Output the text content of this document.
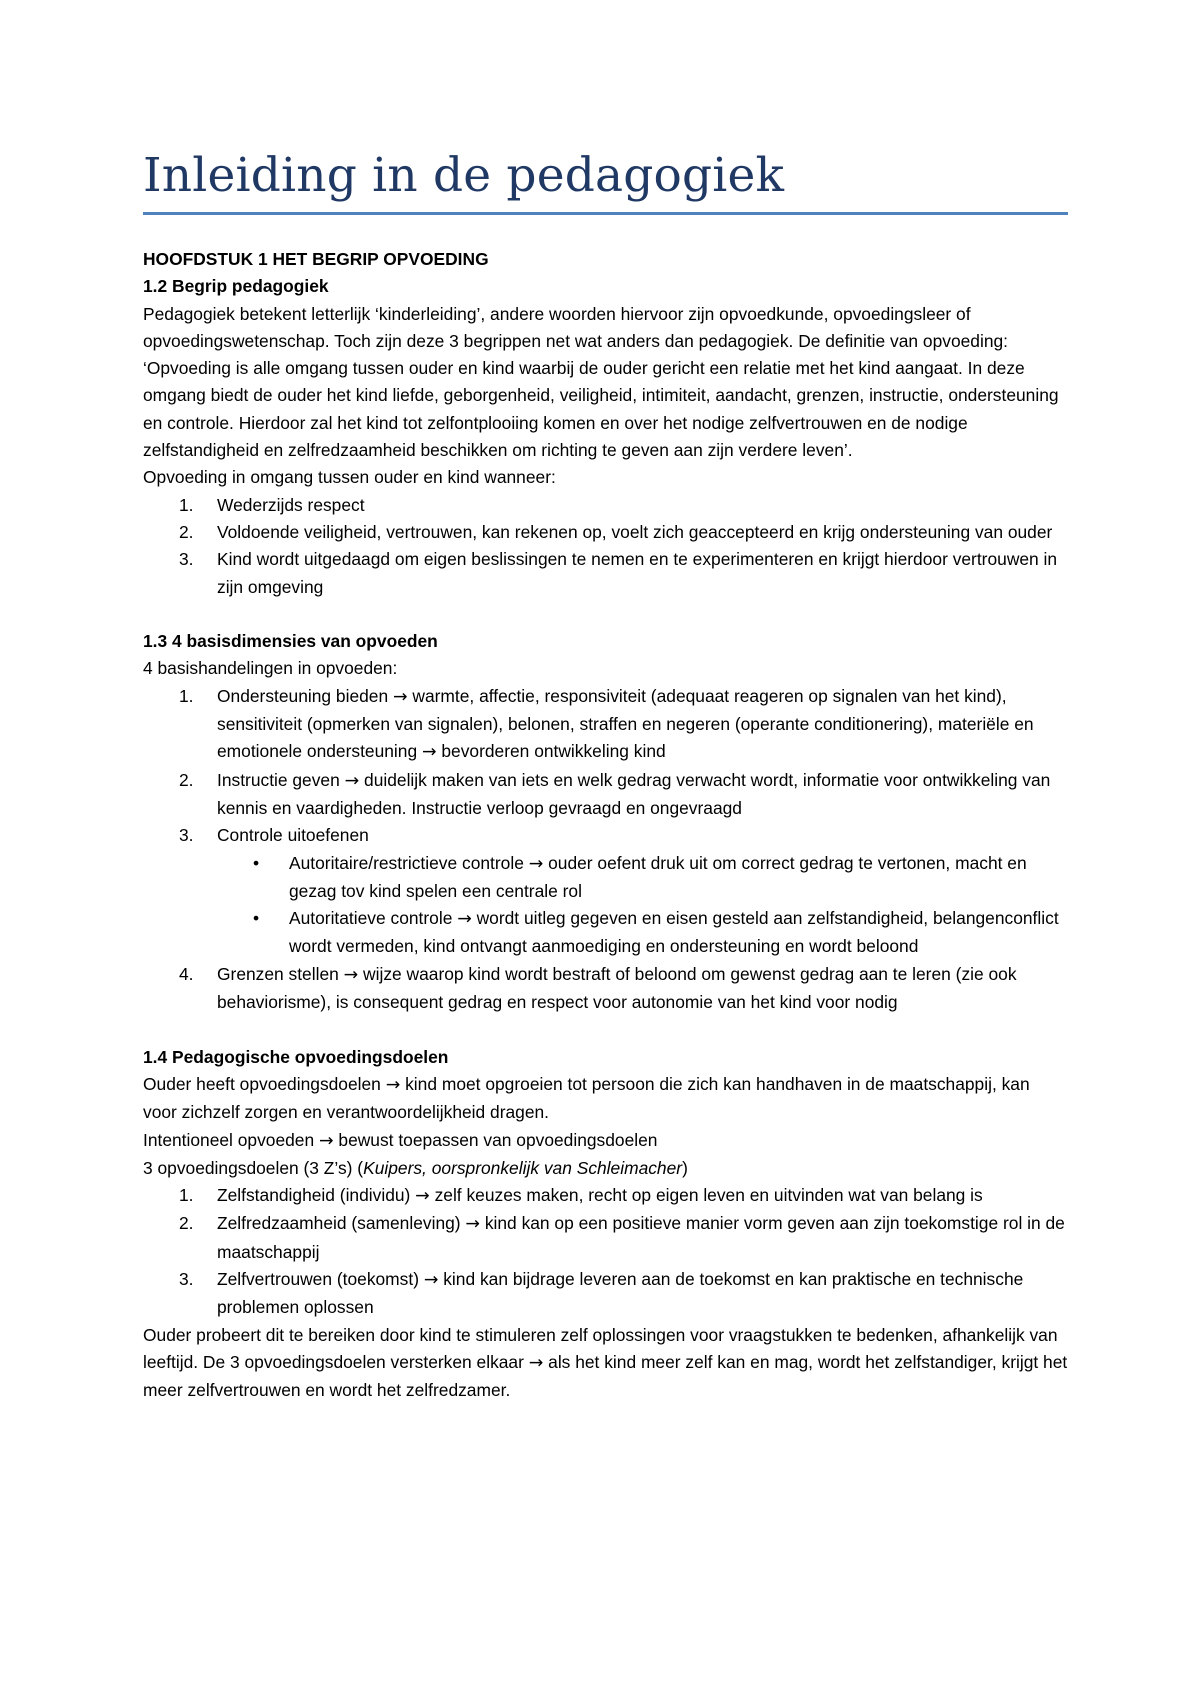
Inleiding in de pedagogiek

HOOFDSTUK 1 HET BEGRIP OPVOEDING

1.2 Begrip pedagogiek

Pedagogiek betekent letterlijk ‘kinderleiding’, andere woorden hiervoor zijn opvoedkunde, opvoedingsleer of opvoedingswetenschap. Toch zijn deze 3 begrippen net wat anders dan pedagogiek. De definitie van opvoeding: ‘Opvoeding is alle omgang tussen ouder en kind waarbij de ouder gericht een relatie met het kind aangaat. In deze omgang biedt de ouder het kind liefde, geborgenheid, veiligheid, intimiteit, aandacht, grenzen, instructie, ondersteuning en controle. Hierdoor zal het kind tot zelfontplooiing komen en over het nodige zelfvertrouwen en de nodige zelfstandigheid en zelfredzaamheid beschikken om richting te geven aan zijn verdere leven’.

Opvoeding in omgang tussen ouder en kind wanneer:

1.	Wederzijds respect
2.	Voldoende veiligheid, vertrouwen, kan rekenen op, voelt zich geaccepteerd en krijg ondersteuning van ouder
3.	Kind wordt uitgedaagd om eigen beslissingen te nemen en te experimenteren en krijgt hierdoor vertrouwen in zijn omgeving

1.3 4 basisdimensies van opvoeden

4 basishandelingen in opvoeden:

1.	Ondersteuning bieden → warmte, affectie, responsiviteit (adequaat reageren op signalen van het kind), sensitiviteit (opmerken van signalen), belonen, straffen en negeren (operante conditionering), materiële en emotionele ondersteuning → bevorderen ontwikkeling kind
2.	Instructie geven → duidelijk maken van iets en welk gedrag verwacht wordt, informatie voor ontwikkeling van kennis en vaardigheden. Instructie verloop gevraagd en ongevraagd
3.	Controle uitoefenen
• Autoritaire/restrictieve controle → ouder oefent druk uit om correct gedrag te vertonen, macht en gezag tov kind spelen een centrale rol
• Autoritatieve controle → wordt uitleg gegeven en eisen gesteld aan zelfstandigheid, belangenconflict wordt vermeden, kind ontvangt aanmoediging en ondersteuning en wordt beloond
4.	Grenzen stellen → wijze waarop kind wordt bestraft of beloond om gewenst gedrag aan te leren (zie ook behaviorisme), is consequent gedrag en respect voor autonomie van het kind voor nodig

1.4 Pedagogische opvoedingsdoelen

Ouder heeft opvoedingsdoelen → kind moet opgroeien tot persoon die zich kan handhaven in de maatschappij, kan voor zichzelf zorgen en verantwoordelijkheid dragen.

Intentioneel opvoeden → bewust toepassen van opvoedingsdoelen

3 opvoedingsdoelen (3 Z’s) (Kuipers, oorspronkelijk van Schleimacher)

1.	Zelfstandigheid (individu) → zelf keuzes maken, recht op eigen leven en uitvinden wat van belang is
2.	Zelfredzaamheid (samenleving) → kind kan op een positieve manier vorm geven aan zijn toekomstige rol in de maatschappij
3.	Zelfvertrouwen (toekomst) → kind kan bijdrage leveren aan de toekomst en kan praktische en technische problemen oplossen

Ouder probeert dit te bereiken door kind te stimuleren zelf oplossingen voor vraagstukken te bedenken, afhankelijk van leeftijd. De 3 opvoedingsdoelen versterken elkaar → als het kind meer zelf kan en mag, wordt het zelfstandiger, krijgt het meer zelfvertrouwen en wordt het zelfredzamer.
